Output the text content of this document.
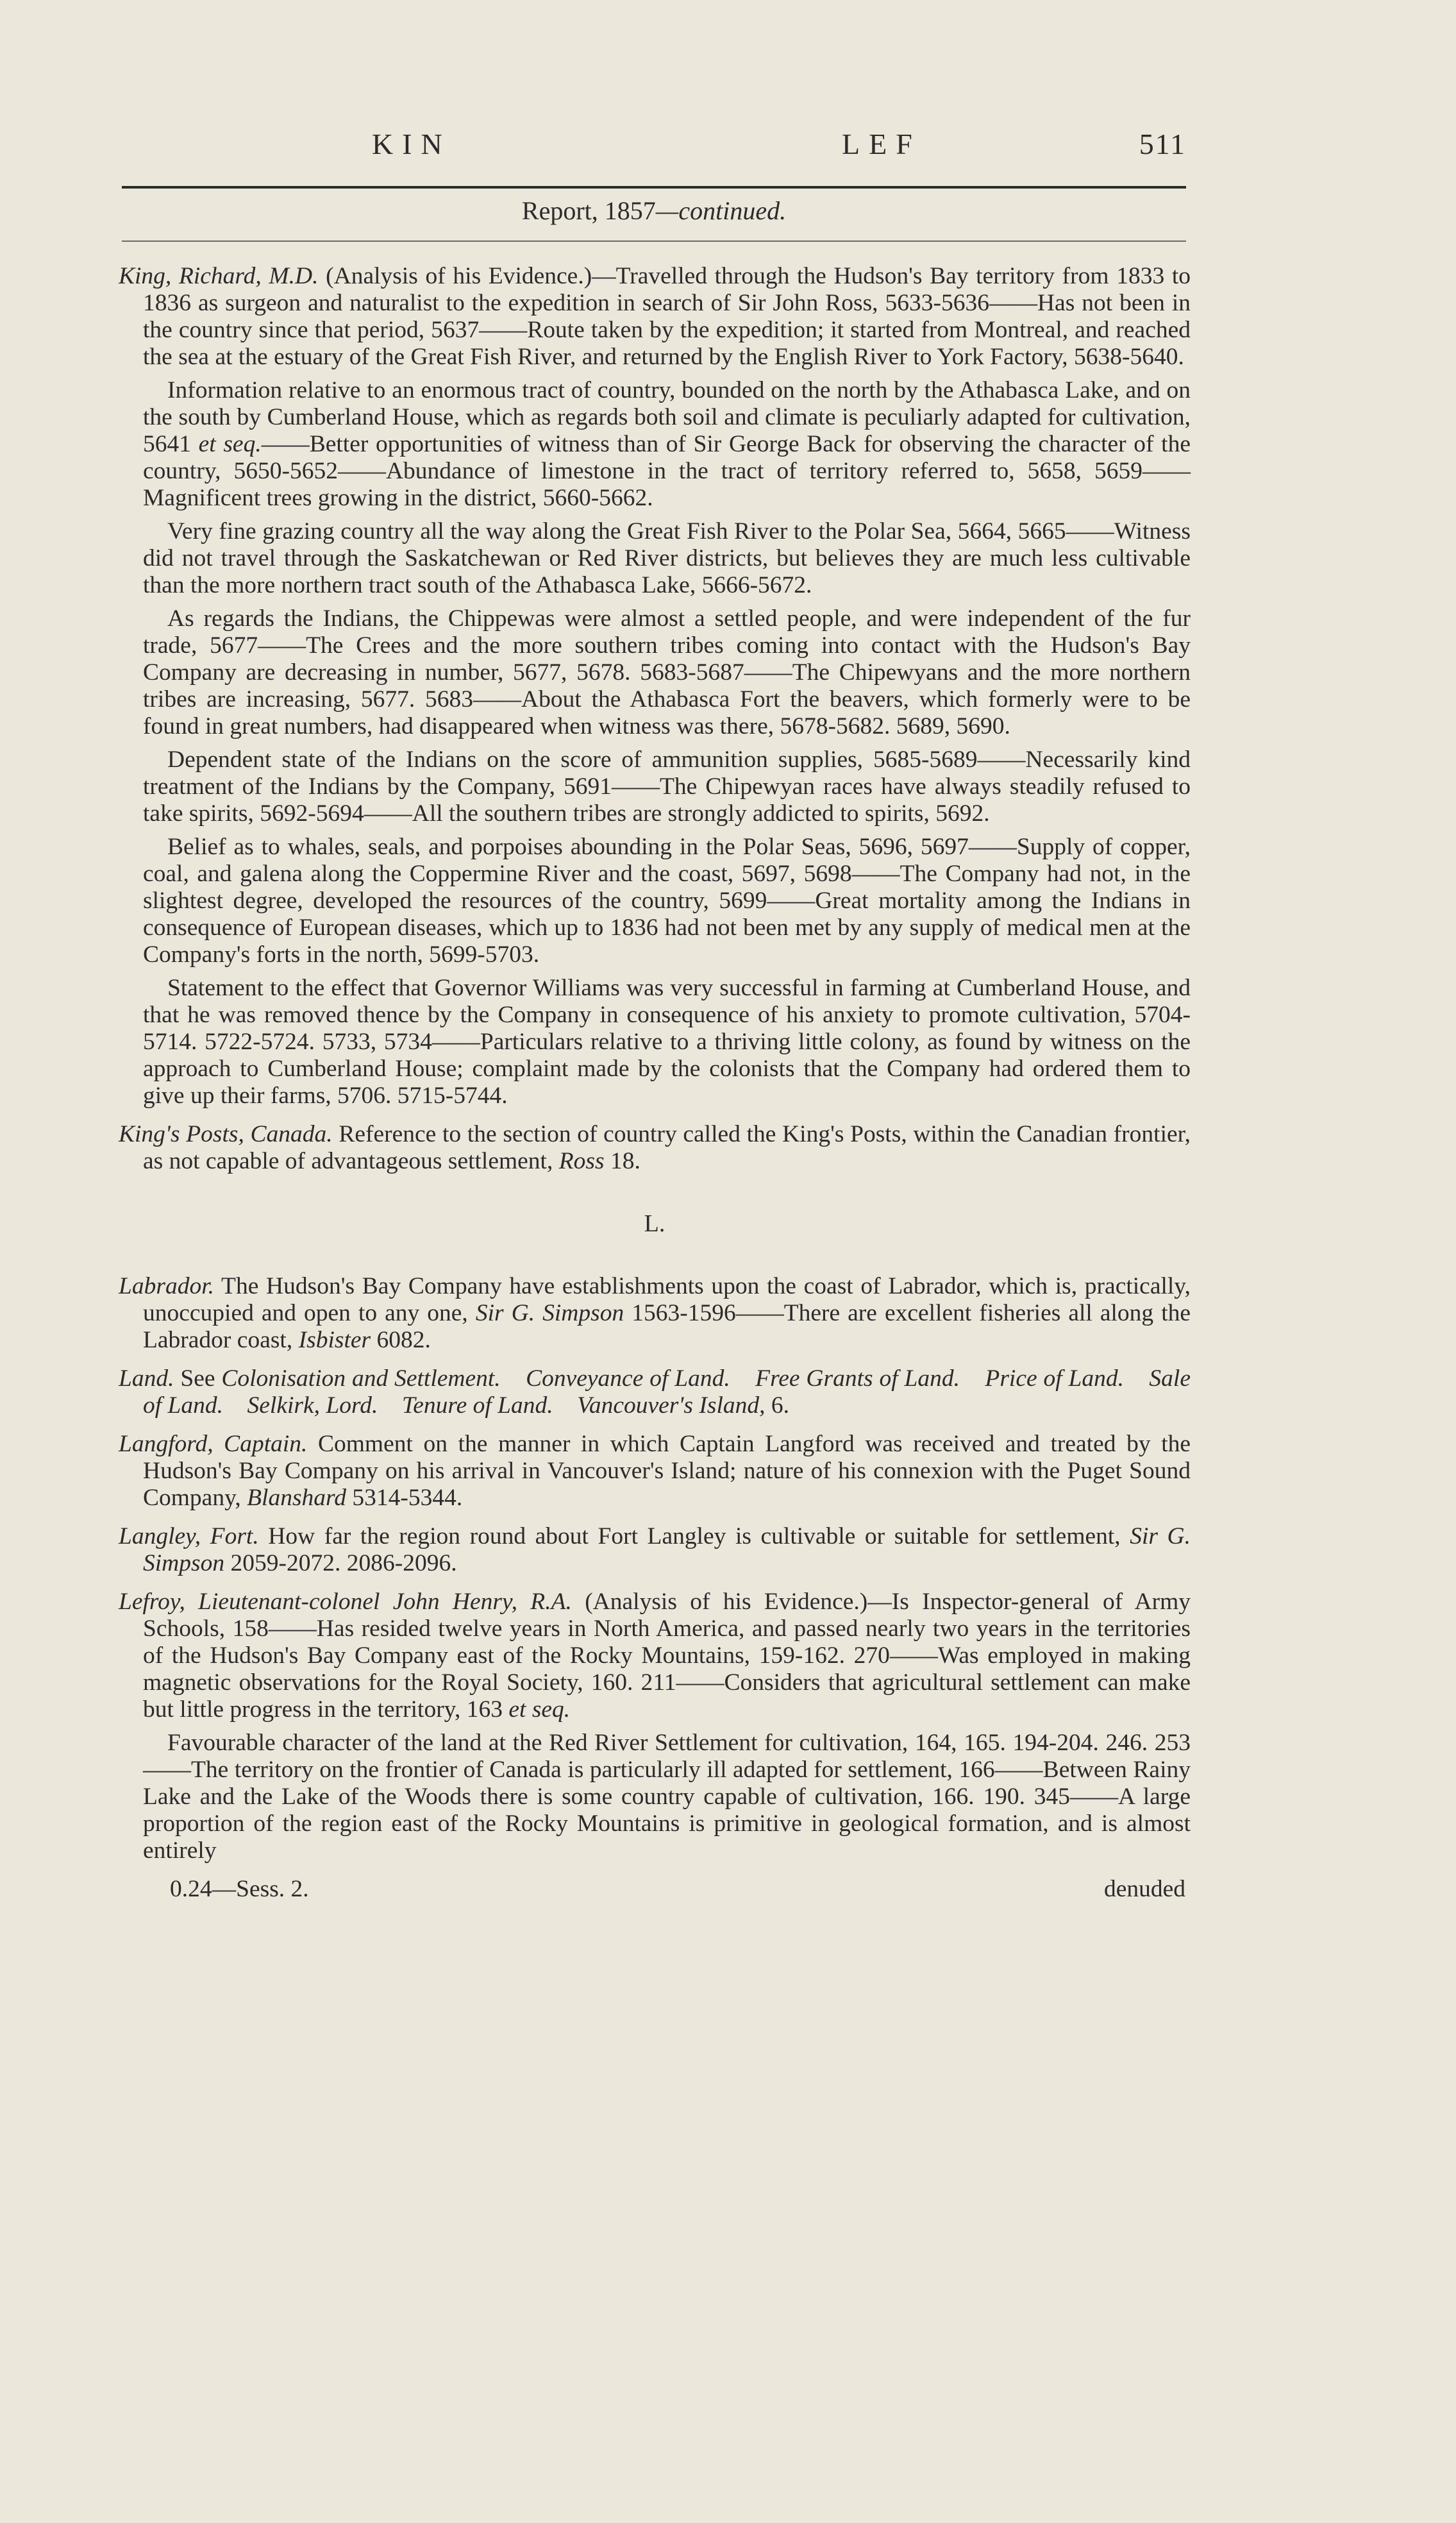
KIN	LEF	511
Report, 1857—continued.

King, Richard, M.D. (Analysis of his Evidence.)—Travelled through the Hudson's Bay territory from 1833 to 1836 as surgeon and naturalist to the expedition in search of Sir John Ross, 5633-5636——Has not been in the country since that period, 5637——Route taken by the expedition; it started from Montreal, and reached the sea at the estuary of the Great Fish River, and returned by the English River to York Factory, 5638-5640.

Information relative to an enormous tract of country, bounded on the north by the Athabasca Lake, and on the south by Cumberland House, which as regards both soil and climate is peculiarly adapted for cultivation, 5641 et seq.——Better opportunities of witness than of Sir George Back for observing the character of the country, 5650-5652——Abundance of limestone in the tract of territory referred to, 5658, 5659——Magnificent trees growing in the district, 5660-5662.

Very fine grazing country all the way along the Great Fish River to the Polar Sea, 5664, 5665——Witness did not travel through the Saskatchewan or Red River districts, but believes they are much less cultivable than the more northern tract south of the Athabasca Lake, 5666-5672.

As regards the Indians, the Chippewas were almost a settled people, and were independent of the fur trade, 5677——The Crees and the more southern tribes coming into contact with the Hudson's Bay Company are decreasing in number, 5677, 5678. 5683-5687——The Chipewyans and the more northern tribes are increasing, 5677. 5683——About the Athabasca Fort the beavers, which formerly were to be found in great numbers, had disappeared when witness was there, 5678-5682. 5689, 5690.

Dependent state of the Indians on the score of ammunition supplies, 5685-5689——Necessarily kind treatment of the Indians by the Company, 5691——The Chipewyan races have always steadily refused to take spirits, 5692-5694——All the southern tribes are strongly addicted to spirits, 5692.

Belief as to whales, seals, and porpoises abounding in the Polar Seas, 5696, 5697——Supply of copper, coal, and galena along the Coppermine River and the coast, 5697, 5698——The Company had not, in the slightest degree, developed the resources of the country, 5699——Great mortality among the Indians in consequence of European diseases, which up to 1836 had not been met by any supply of medical men at the Company's forts in the north, 5699-5703.

Statement to the effect that Governor Williams was very successful in farming at Cumberland House, and that he was removed thence by the Company in consequence of his anxiety to promote cultivation, 5704-5714. 5722-5724. 5733, 5734——Particulars relative to a thriving little colony, as found by witness on the approach to Cumberland House; complaint made by the colonists that the Company had ordered them to give up their farms, 5706. 5715-5744.

King's Posts, Canada. Reference to the section of country called the King's Posts, within the Canadian frontier, as not capable of advantageous settlement, Ross 18.

L.

Labrador. The Hudson's Bay Company have establishments upon the coast of Labrador, which is, practically, unoccupied and open to any one, Sir G. Simpson 1563-1596——There are excellent fisheries all along the Labrador coast, Isbister 6082.

Land. See Colonisation and Settlement.    Conveyance of Land.    Free Grants of Land.    Price of Land.    Sale of Land.    Selkirk, Lord.    Tenure of Land.    Vancouver's Island, 6.

Langford, Captain. Comment on the manner in which Captain Langford was received and treated by the Hudson's Bay Company on his arrival in Vancouver's Island; nature of his connexion with the Puget Sound Company, Blanshard 5314-5344.

Langley, Fort. How far the region round about Fort Langley is cultivable or suitable for settlement, Sir G. Simpson 2059-2072. 2086-2096.

Lefroy, Lieutenant-colonel John Henry, R.A. (Analysis of his Evidence.)—Is Inspector-general of Army Schools, 158——Has resided twelve years in North America, and passed nearly two years in the territories of the Hudson's Bay Company east of the Rocky Mountains, 159-162. 270——Was employed in making magnetic observations for the Royal Society, 160. 211——Considers that agricultural settlement can make but little progress in the territory, 163 et seq.

Favourable character of the land at the Red River Settlement for cultivation, 164, 165. 194-204. 246. 253——The territory on the frontier of Canada is particularly ill adapted for settlement, 166——Between Rainy Lake and the Lake of the Woods there is some country capable of cultivation, 166. 190. 345——A large proportion of the region east of the Rocky Mountains is primitive in geological formation, and is almost entirely

0.24—Sess. 2.	denuded
